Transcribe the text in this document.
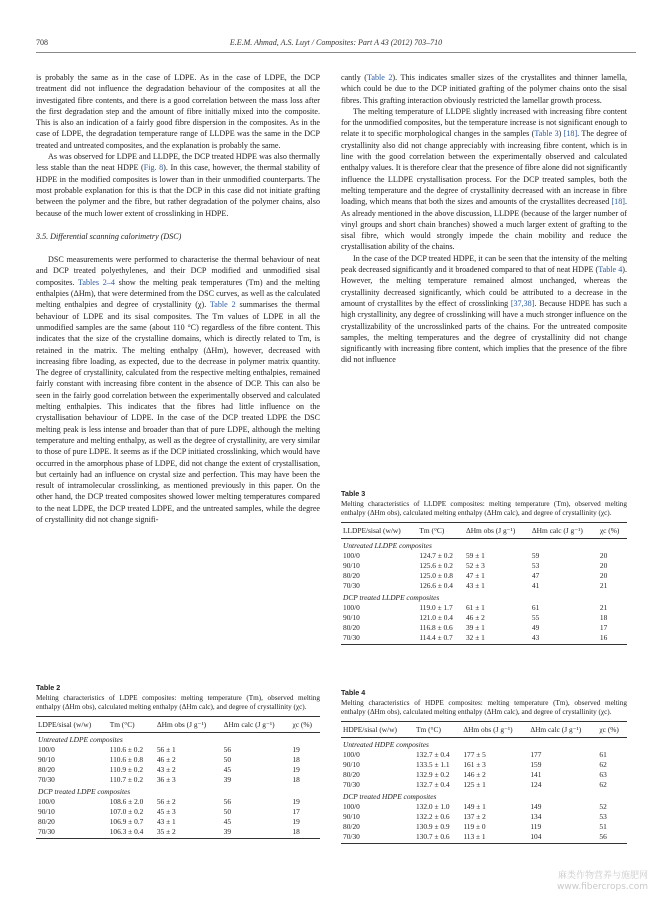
708	E.E.M. Ahmad, A.S. Luyt / Composites: Part A 43 (2012) 703–710

is probably the same as in the case of LDPE. As in the case of LDPE, the DCP treatment did not influence the degradation behaviour of the composites at all the investigated fibre contents, and there is a good correlation between the mass loss after the first degradation step and the amount of fibre initially mixed into the composite. This is also an indication of a fairly good fibre dispersion in the composites. As in the case of LDPE, the degradation temperature range of LLDPE was the same in the DCP treated and untreated composites, and the explanation is probably the same.

As was observed for LDPE and LLDPE, the DCP treated HDPE was also thermally less stable than the neat HDPE (Fig. 8). In this case, however, the thermal stability of HDPE in the modified composites is lower than in their unmodified counterparts. The most probable explanation for this is that the DCP in this case did not initiate grafting between the polymer and the fibre, but rather degradation of the polymer chains, also because of the much lower extent of crosslinking in HDPE.

3.5. Differential scanning calorimetry (DSC)

DSC measurements were performed to characterise the thermal behaviour of neat and DCP treated polyethylenes, and their DCP modified and unmodified sisal composites. Tables 2–4 show the melting peak temperatures (Tm) and the melting enthalpies (ΔHm), that were determined from the DSC curves, as well as the calculated melting enthalpies and degree of crystallinity (χ). Table 2 summarises the thermal behaviour of LDPE and its sisal composites. The Tm values of LDPE in all the unmodified samples are the same (about 110 °C) regardless of the fibre content. This indicates that the size of the crystalline domains, which is directly related to Tm, is retained in the matrix. The melting enthalpy (ΔHm), however, decreased with increasing fibre loading, as expected, due to the decrease in polymer matrix quantity. The degree of crystallinity, calculated from the respective melting enthalpies, remained fairly constant with increasing fibre content in the absence of DCP. This can also be seen in the fairly good correlation between the experimentally observed and calculated melting enthalpies. This indicates that the fibres had little influence on the crystallisation behaviour of LDPE. In the case of the DCP treated LDPE the DSC melting peak is less intense and broader than that of pure LDPE, although the melting temperature and melting enthalpy, as well as the degree of crystallinity, are very similar to those of pure LDPE. It seems as if the DCP initiated crosslinking, which would have occurred in the amorphous phase of LDPE, did not change the extent of crystallisation, but certainly had an influence on crystal size and perfection. This may have been the result of intramolecular crosslinking, as mentioned previously in this paper. On the other hand, the DCP treated composites showed lower melting temperatures compared to the neat LDPE, the DCP treated LDPE, and the untreated samples, while the degree of crystallinity did not change signifi-

cantly (Table 2). This indicates smaller sizes of the crystallites and thinner lamella, which could be due to the DCP initiated grafting of the polymer chains onto the sisal fibres. This grafting interaction obviously restricted the lamellar growth process.

The melting temperature of LLDPE slightly increased with increasing fibre content for the unmodified composites, but the temperature increase is not significant enough to relate it to specific morphological changes in the samples (Table 3) [18]. The degree of crystallinity also did not change appreciably with increasing fibre content, which is in line with the good correlation between the experimentally observed and calculated enthalpy values. It is therefore clear that the presence of fibre alone did not significantly influence the LLDPE crystallisation process. For the DCP treated samples, both the melting temperature and the degree of crystallinity decreased with an increase in fibre loading, which means that both the sizes and amounts of the crystallites decreased [18]. As already mentioned in the above discussion, LLDPE (because of the larger number of vinyl groups and short chain branches) showed a much larger extent of grafting to the sisal fibre, which would strongly impede the chain mobility and reduce the crystallisation ability of the chains.

In the case of the DCP treated HDPE, it can be seen that the intensity of the melting peak decreased significantly and it broadened compared to that of neat HDPE (Table 4). However, the melting temperature remained almost unchanged, whereas the crystallinity decreased significantly, which could be attributed to a decrease in the amount of crystallites by the effect of crosslinking [37,38]. Because HDPE has such a high crystallinity, any degree of crosslinking will have a much stronger influence on the crystallizability of the uncrosslinked parts of the chains. For the untreated composite samples, the melting temperatures and the degree of crystallinity did not change significantly with increasing fibre content, which implies that the presence of the fibre did not influence

Table 3
Melting characteristics of LLDPE composites: melting temperature (Tm), observed melting enthalpy (ΔHm obs), calculated melting enthalpy (ΔHm calc), and degree of crystallinity (χc).
LLDPE/sisal (w/w)	Tm (°C)	ΔHm obs (J g⁻¹)	ΔHm calc (J g⁻¹)	χc (%)
Untreated LLDPE composites				
100/0	124.7 ± 0.2	59 ± 1	59	20
90/10	125.6 ± 0.2	52 ± 3	53	20
80/20	125.0 ± 0.8	47 ± 1	47	20
70/30	126.6 ± 0.4	43 ± 1	41	21
DCP treated LLDPE composites				
100/0	119.0 ± 1.7	61 ± 1	61	21
90/10	121.0 ± 0.4	46 ± 2	55	18
80/20	116.8 ± 0.6	39 ± 1	49	17
70/30	114.4 ± 0.7	32 ± 1	43	16
Table 2
Melting characteristics of LDPE composites: melting temperature (Tm), observed melting enthalpy (ΔHm obs), calculated melting enthalpy (ΔHm calc), and degree of crystallinity (χc).
LDPE/sisal (w/w)	Tm (°C)	ΔHm obs (J g⁻¹)	ΔHm calc (J g⁻¹)	χc (%)
Untreated LDPE composites				
100/0	110.6 ± 0.2	56 ± 1	56	19
90/10	110.6 ± 0.8	46 ± 2	50	18
80/20	110.9 ± 0.2	43 ± 2	45	19
70/30	110.7 ± 0.2	36 ± 3	39	18
DCP treated LDPE composites				
100/0	108.6 ± 2.0	56 ± 2	56	19
90/10	107.0 ± 0.2	45 ± 3	50	17
80/20	106.9 ± 0.7	43 ± 1	45	19
70/30	106.3 ± 0.4	35 ± 2	39	18
Table 4
Melting characteristics of HDPE composites: melting temperature (Tm), observed melting enthalpy (ΔHm obs), calculated melting enthalpy (ΔHm calc), and degree of crystallinity (χc).
HDPE/sisal (w/w)	Tm (°C)	ΔHm obs (J g⁻¹)	ΔHm calc (J g⁻¹)	χc (%)
Untreated HDPE composites				
100/0	132.7 ± 0.4	177 ± 5	177	61
90/10	133.5 ± 1.1	161 ± 3	159	62
80/20	132.9 ± 0.2	146 ± 2	141	63
70/30	132.7 ± 0.4	125 ± 1	124	62
DCP treated HDPE composites				
100/0	132.0 ± 1.0	149 ± 1	149	52
90/10	132.2 ± 0.6	137 ± 2	134	53
80/20	130.9 ± 0.9	119 ± 0	119	51
70/30	130.7 ± 0.6	113 ± 1	104	56
麻类作物营养与施肥网
www.fibercrops.com
